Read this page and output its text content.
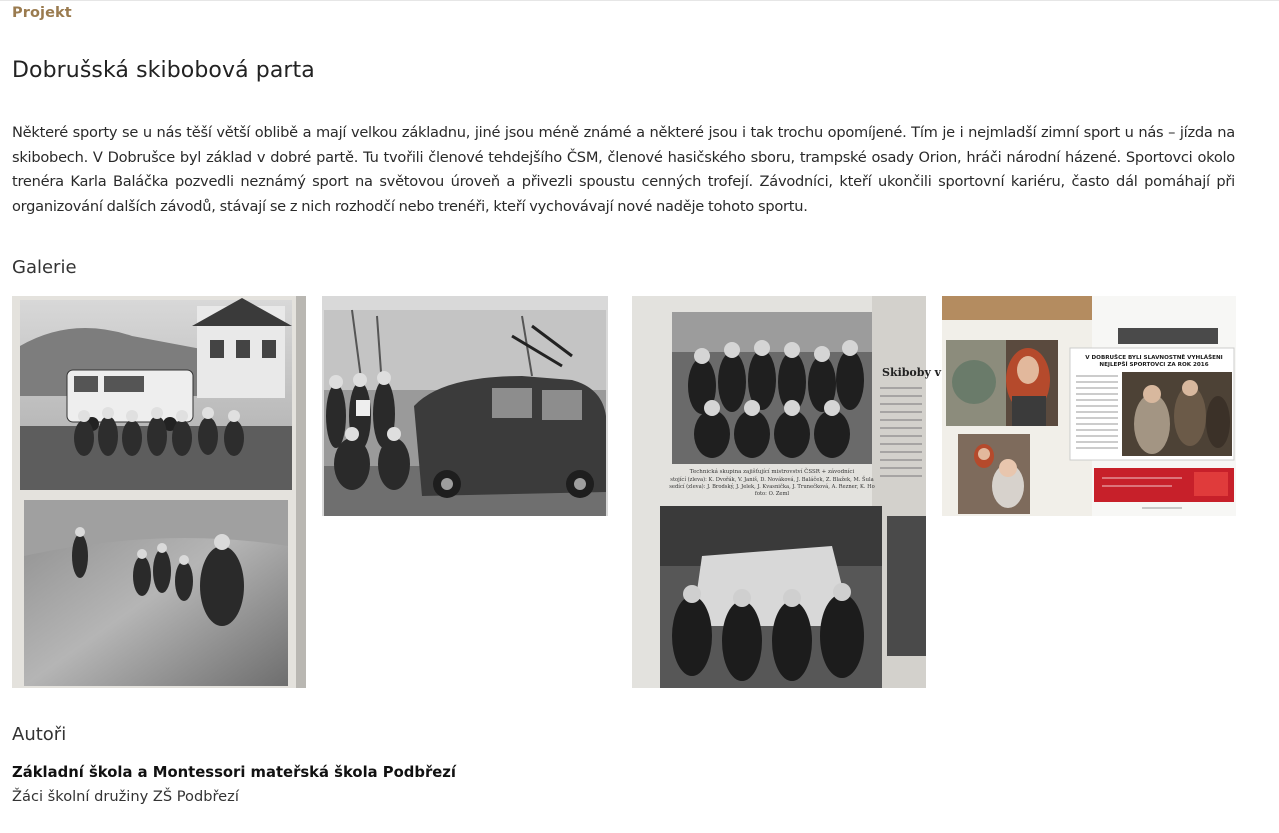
Projekt
Dobrušská skibobová parta

Některé sporty se u nás těší větší oblibě a mají velkou základnu, jiné jsou méně známé a některé jsou i tak trochu opomíjené. Tím je i nejmladší zimní sport u nás – jízda na skibobech. V Dobrušce byl základ v dobré partě. Tu tvořili členové tehdejšího ČSM, členové hasičského sboru, trampské osady Orion, hráči národní házené. Sportovci okolo trenéra Karla Baláčka pozvedli neznámý sport na světovou úroveň a přivezli spoustu cenných trofejí. Závodníci, kteří ukončili sportovní kariéru, často dál pomáhají při organizování dalších závodů, stávají se z nich rozhodčí nebo trenéři, kteří vychovávají nové naděje tohoto sportu.

Galerie
Technická skupina zajišťující mistrovství ČSSR + závodníci
stojící (zleva): K. Dvořák, V. Janiš, D. Nováková, J. Baláček, Z. Blažek, M. Šula
sedící (zleva): J. Brodský, J. Jelek, J. Kvasnička, J. Trunečková, A. Rezner, K. Ho
foto: O. Zeml
Skiboby v
V DOBRUŠCE BYLI SLAVNOSTNĚ VYHLÁŠENI
NEJLEPŠÍ SPORTOVCI ZA ROK 2016
Autoři
Základní škola a Montessori mateřská škola Podbřezí
Žáci školní družiny ZŠ Podbřezí
